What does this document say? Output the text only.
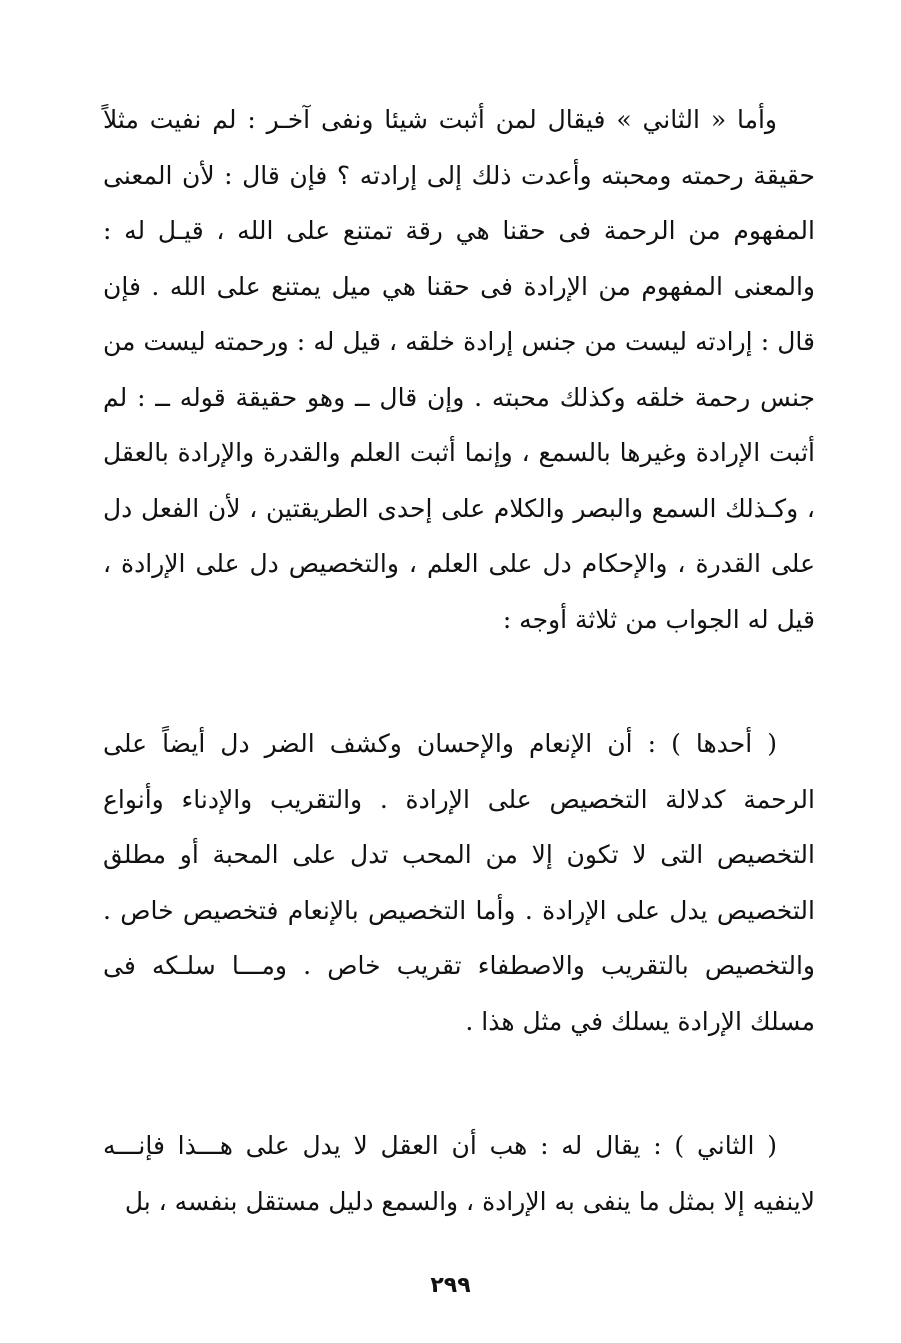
وأما « الثاني » فيقال لمن أثبت شيئا ونفى آخـر : لم نفيت مثلاً حقيقة رحمته ومحبته وأعدت ذلك إلى إرادته ؟ فإن قال : لأن المعنى المفهوم من الرحمة فى حقنا هي رقة تمتنع على الله ، قيـل له : والمعنى المفهوم من الإرادة فى حقنا هي ميل يمتنع على الله . فإن قال : إرادته ليست من جنس إرادة خلقه ، قيل له : ورحمته ليست من جنس رحمة خلقه وكذلك محبته . وإن قال ــ وهو حقيقة قوله ــ : لم أثبت الإرادة وغيرها بالسمع ، وإنما أثبت العلم والقدرة والإرادة بالعقل ، وكـذلك السمع والبصر والكلام على إحدى الطريقتين ، لأن الفعل دل على القدرة ، والإحكام دل على العلم ، والتخصيص دل على الإرادة ، قيل له الجواب من ثلاثة أوجه :

( أحدها ) : أن الإنعام والإحسان وكشف الضر دل أيضاً على الرحمة كدلالة التخصيص على الإرادة . والتقريب والإدناء وأنواع التخصيص التى لا تكون إلا من المحب تدل على المحبة أو مطلق التخصيص يدل على الإرادة . وأما التخصيص بالإنعام فتخصيص خاص . والتخصيص بالتقريب والاصطفاء تقريب خاص . ومـــا سلـكه فى مسلك الإرادة يسلك في مثل هذا .

( الثاني ) : يقال له : هب أن العقل لا يدل على هـــذا فإنـــه لاينفيه إلا بمثل ما ينفى به الإرادة ، والسمع دليل مستقل بنفسه ، بل

٢٩٩
